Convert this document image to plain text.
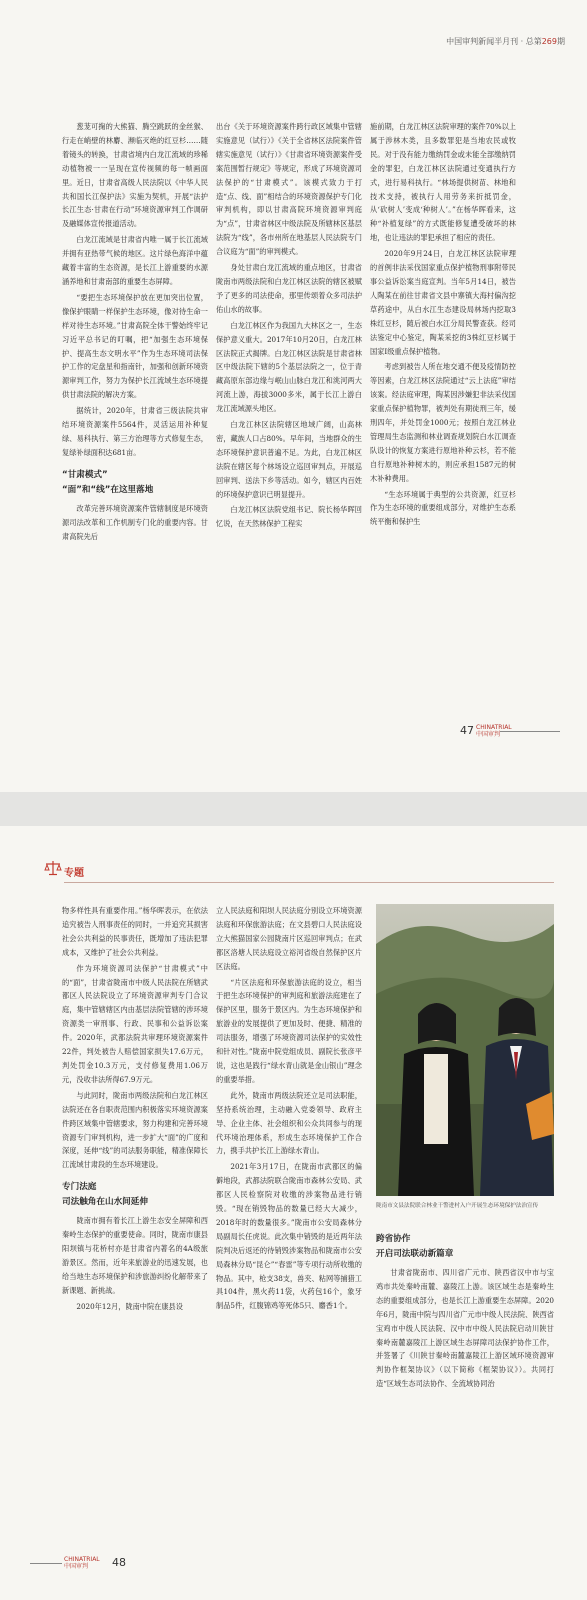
中国审判新闻半月刊 · 总第269期

葱茏可掬的大熊猫、腾空跳跃的金丝猴、行走在峭壁的林麝、濒临灭绝的红豆杉……随着镜头的转换，甘肃省境内白龙江流域的珍稀动植物被一一呈现在宣传视频的每一帧画面里。近日，甘肃省高级人民法院以《中华人民共和国长江保护法》实施为契机，开展“法护长江生态·甘肃在行动”环境资源审判工作调研及融媒体宣传报道活动。

白龙江流域是甘肃省内唯一属于长江流域并拥有亚热带气候的地区。这片绿色海洋中蕴藏着丰富的生态资源，是长江上游重要的水源涵养地和甘肃南部的重要生态屏障。

“要把生态环境保护放在更加突出位置，像保护眼睛一样保护生态环境，像对待生命一样对待生态环境。”甘肃高院全体干警始终牢记习近平总书记的叮嘱，把“加强生态环境保护、提高生态文明水平”作为生态环境司法保护工作的定盘星和指南针，加强和创新环境资源审判工作，努力为保护长江流域生态环境提供甘肃法院的解决方案。

据统计，2020年，甘肃省三级法院共审结环境资源案件5564件，灵活运用补种复绿、易科执行、第三方治理等方式修复生态，复绿补绿面积达681亩。

“甘肃模式”
“面”和“线”在这里落地

改革完善环境资源案件管辖制度是环境资源司法改革和工作机制专门化的重要内容。甘肃高院先后

出台《关于环境资源案件跨行政区域集中管辖实施意见（试行）》《关于全省林区法院案件管辖实施意见（试行）》《甘肃省环境资源案件受案范围暂行规定》等规定，形成了环境资源司法保护的“甘肃模式”。该模式致力于打造“点、线、面”相结合的环境资源保护专门化审判机构，即以甘肃高院环境资源审判庭为“点”，甘肃省林区中级法院及所辖林区基层法院为“线”，各市州所在地基层人民法院专门合议庭为“面”的审判模式。

身处甘肃白龙江流域的重点地区，甘肃省陇南市两级法院和白龙江林区法院的辖区被赋予了更多的司法使命，那里传颂着众多司法护佑山水的故事。

白龙江林区作为我国九大林区之一，生态保护意义重大。2017年10月20日，白龙江林区法院正式揭牌。白龙江林区法院是甘肃省林区中级法院下辖的5个基层法院之一，位于青藏高原东部边缘与岷山山脉白龙江和洮河两大河流上游，海拔3000多米，属于长江上游白龙江流域源头地区。

白龙江林区法院辖区地域广阔，山高林密，藏族人口占80%。早年间，当地群众的生态环境保护意识普遍不足。为此，白龙江林区法院在辖区每个林场设立巡回审判点，开展巡回审判、送法下乡等活动。如今，辖区内百姓的环境保护意识已明显提升。

白龙江林区法院党组书记、院长杨华晖回忆说，在天然林保护工程实

施前期，白龙江林区法院审理的案件70%以上属于涉林木类，且多数罪犯是当地农民或牧民。对于没有能力缴纳罚金或未能全部缴纳罚金的罪犯，白龙江林区法院通过变通执行方式，进行易科执行。“林场提供树苗、林地和技术支持，被执行人用劳务来折抵罚金，从‘砍树人’变成‘种树人’。”在杨华晖看来，这种“补植复绿”的方式既能修复遭受破坏的林地，也让违法的罪犯承担了相应的责任。

2020年9月24日，白龙江林区法院审理的首例非法采伐国家重点保护植物刑事附带民事公益诉讼案当庭宣判。当年5月14日，被告人陶某在前往甘肃省文县中寨镇大海村偏沟挖草药途中，从白水江生态建设局林场内挖取3株红豆杉，随后被白水江分局民警查获。经司法鉴定中心鉴定，陶某采挖的3株红豆杉属于国家Ⅰ级重点保护植物。

考虑到被告人所在地交通不便及疫情防控等因素，白龙江林区法院通过“云上法庭”审结该案。经法庭审理，陶某因涉嫌犯非法采伐国家重点保护植物罪，被判处有期徒刑三年，缓刑四年，并处罚金1000元；按照白龙江林业管理局生态监测和林业调查规划院白水江调查队设计的恢复方案进行原地补种云杉，若不能自行原地补种树木的，则应承担1587元的树木补种费用。

“生态环境属于典型的公共资源，红豆杉作为生态环境的重要组成部分，对维护生态系统平衡和保护生

47 CHINATRIAL
中国审判
专题

物多样性具有重要作用。”杨华晖表示，在依法追究被告人刑事责任的同时，一并追究其损害社会公共利益的民事责任，既增加了违法犯罪成本，又维护了社会公共利益。

作为环境资源司法保护“甘肃模式”中的“面”，甘肃省陇南市中级人民法院在所辖武都区人民法院设立了环境资源审判专门合议庭，集中管辖辖区内由基层法院管辖的涉环境资源类一审刑事、行政、民事和公益诉讼案件。2020年，武都法院共审理环境资源案件22件，判处被告人赔偿国家损失17.6万元，判处罚金10.3万元，支付修复费用1.06万元，没收非法所得67.9万元。

与此同时，陇南市两级法院和白龙江林区法院还在各自职责范围内积极落实环境资源案件跨区域集中管辖要求，努力构建和完善环境资源专门审判机构，进一步扩大“面”的广度和深度，延伸“线”的司法服务职能，精准保障长江流域甘肃段的生态环境建设。

专门法庭
司法触角在山水间延伸

陇南市拥有着长江上游生态安全屏障和西秦岭生态保护的重要使命。同时，陇南市康县阳坝镇与花桥村亦是甘肃省内著名的4A级旅游景区。然而，近年来旅游业的迅速发展，也给当地生态环境保护和涉旅游纠纷化解带来了新课题、新挑战。

2020年12月，陇南中院在康县设

立人民法庭和阳坝人民法庭分别设立环境资源法庭和环保旅游法庭；在文县碧口人民法庭设立大熊猫国家公园陇南片区巡回审判点；在武都区洛塘人民法庭设立裕河省级自然保护区片区法庭。

“片区法庭和环保旅游法庭的设立，相当于把生态环境保护的审判庭和旅游法庭建在了保护区里，服务于景区内。为生态环境保护和旅游业的发展提供了更加及时、便捷、精准的司法服务，增强了环境资源司法保护的实效性和针对性。”陇南中院党组成员、副院长张彦平说，这也是践行“绿水青山就是金山银山”理念的重要举措。

此外，陇南市两级法院还立足司法职能，坚持系统治理，主动融入党委领导、政府主导、企业主体、社会组织和公众共同参与的现代环境治理体系，形成生态环境保护工作合力，携手共护长江上游绿水青山。

2021年3月17日，在陇南市武都区的偏僻地段，武都法院联合陇南市森林公安局、武都区人民检察院对收缴的涉案物品进行销毁。“现在销毁物品的数量已经大大减少，2018年时的数量很多。”陇南市公安局森林分局副局长任虎说。此次集中销毁的是近两年法院判决后返还的待销毁涉案物品和陇南市公安局森林分局“昆仑”“春雷”等专项行动所收缴的物品。其中，枪支38支，兽夹、粘网等捕猎工具104件，黑火药11袋，火药包16个，象牙制品5件，红腹锦鸡等死体5只、麝香1个。

陇南市文县法院联合林业干警进村入户开展生态环境保护法治宣传
跨省协作
开启司法联动新篇章

甘肃省陇南市、四川省广元市、陕西省汉中市与宝鸡市共处秦岭南麓、嘉陵江上游。该区域生态是秦岭生态的重要组成部分，也是长江上游重要生态屏障。2020年6月，陇南中院与四川省广元市中级人民法院、陕西省宝鸡市中级人民法院、汉中市中级人民法院启动川陕甘秦岭南麓嘉陵江上游区域生态屏障司法保护协作工作，并签署了《川陕甘秦岭南麓嘉陵江上游区域环境资源审判协作框架协议》（以下简称《框架协议》）。共同打造“区域生态司法协作、全流域协同治

CHINATRIAL
中国审判	48
